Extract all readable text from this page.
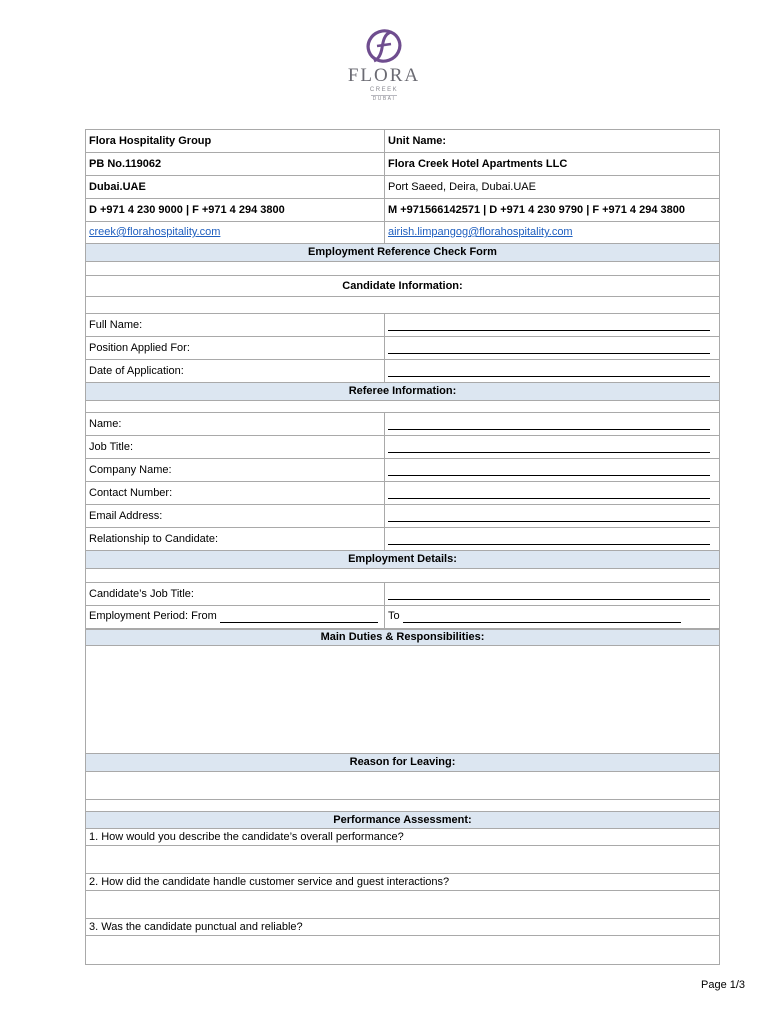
FLORA
CREEK
DUBAI
Flora Hospitality Group	Unit Name:
PB No.119062	Flora Creek Hotel Apartments LLC
Dubai.UAE	Port Saeed, Deira, Dubai.UAE
D +971 4 230 9000 | F +971 4 294 3800	M +971566142571 | D +971 4 230 9790 | F +971 4 294 3800
creek@florahospitality.com	airish.limpangog@florahospitality.com
Employment Reference Check Form	

Candidate Information:	

Full Name:	
Position Applied For:	
Date of Application:	
Referee Information:	

Name:	
Job Title:	
Company Name:	
Contact Number:	
Email Address:	
Relationship to Candidate:	
Employment Details:	

Candidate’s Job Title:	
Employment Period: From	To
Main Duties & Responsibilities:	

Reason for Leaving:	

Performance Assessment:	
1. How would you describe the candidate’s overall performance?	

2. How did the candidate handle customer service and guest interactions?	

3. Was the candidate punctual and reliable?	

Page 1/3
